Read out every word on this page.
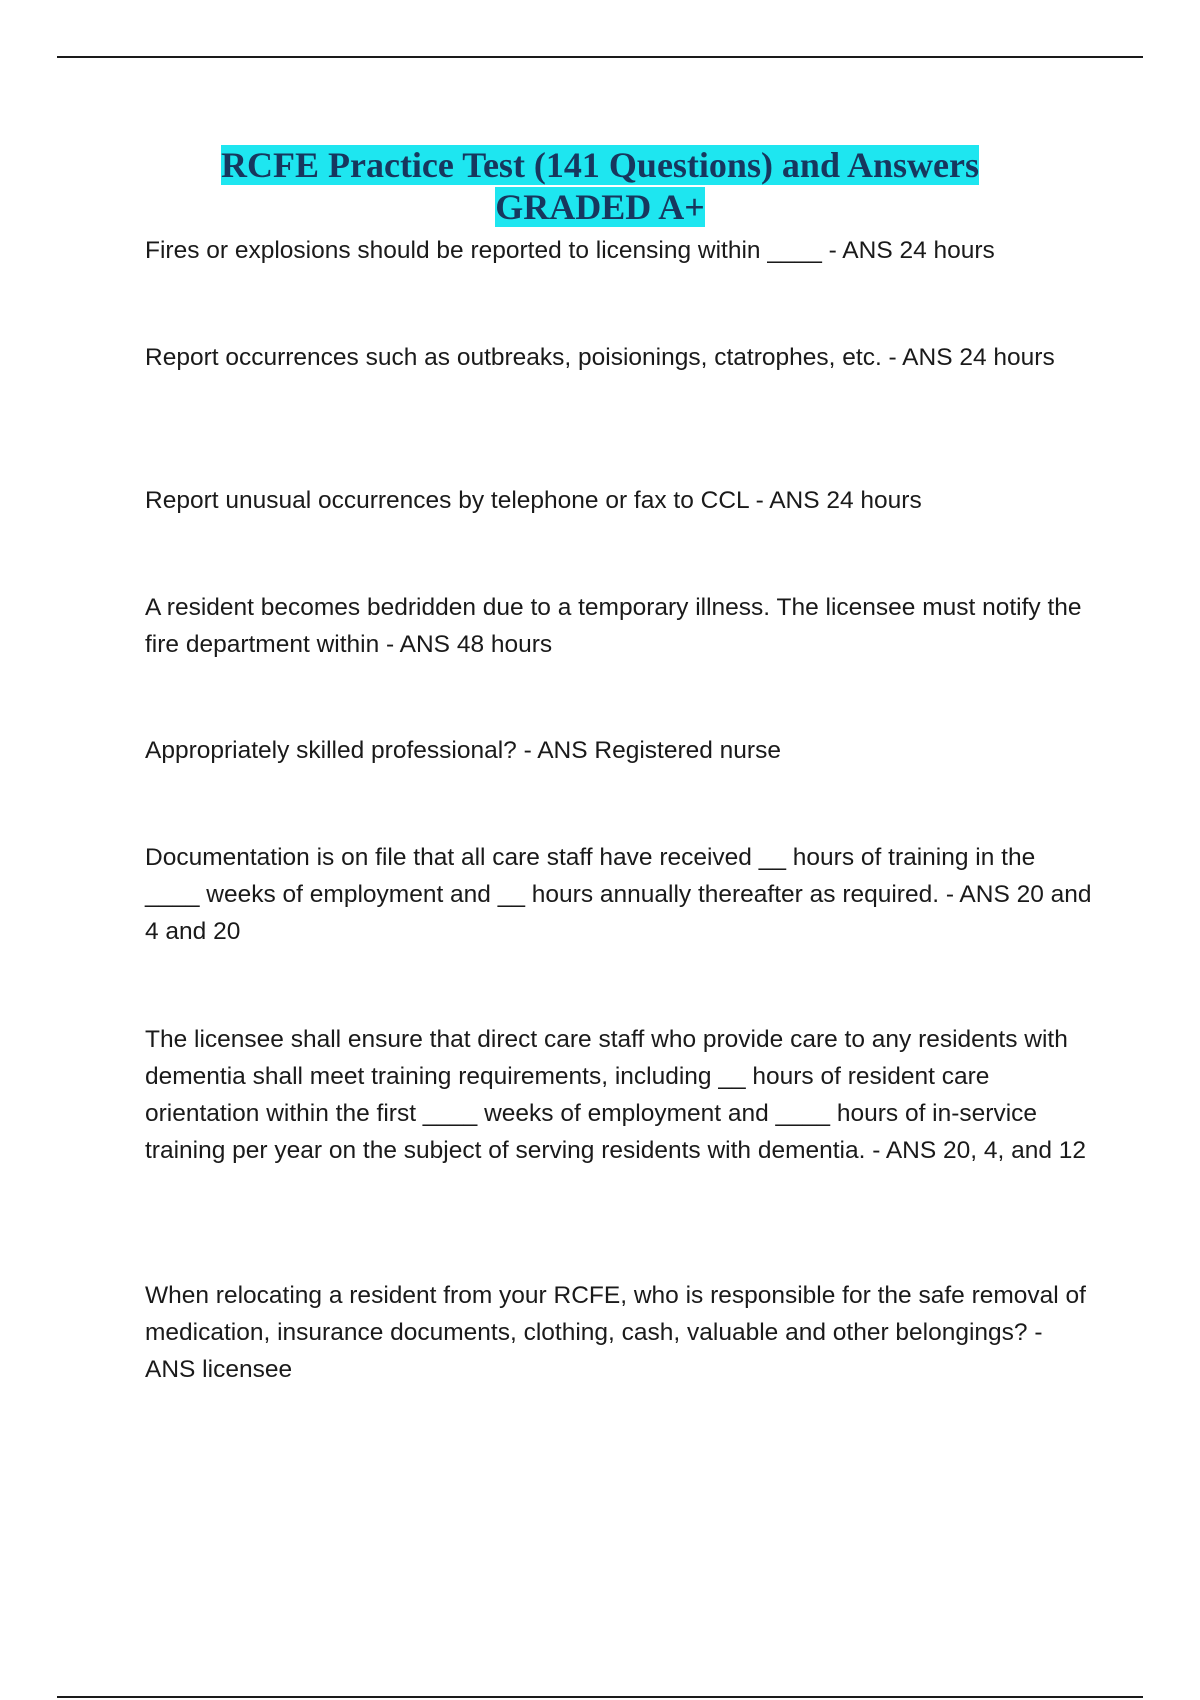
RCFE Practice Test (141 Questions) and Answers
GRADED A+

Fires or explosions should be reported to licensing within ____ - ANS 24 hours

Report occurrences such as outbreaks, poisionings, ctatrophes, etc. - ANS 24 hours

Report unusual occurrences by telephone or fax to CCL - ANS 24 hours

A resident becomes bedridden due to a temporary illness. The licensee must notify the fire department within - ANS 48 hours

Appropriately skilled professional? - ANS Registered nurse

Documentation is on file that all care staff have received __ hours of training in the ____ weeks of employment and __ hours annually thereafter as required. - ANS 20 and 4 and 20

The licensee shall ensure that direct care staff who provide care to any residents with dementia shall meet training requirements, including __ hours of resident care orientation within the first ____ weeks of employment and ____ hours of in-service training per year on the subject of serving residents with dementia. - ANS 20, 4, and 12

When relocating a resident from your RCFE, who is responsible for the safe removal of medication, insurance documents, clothing, cash, valuable and other belongings? - ANS licensee
